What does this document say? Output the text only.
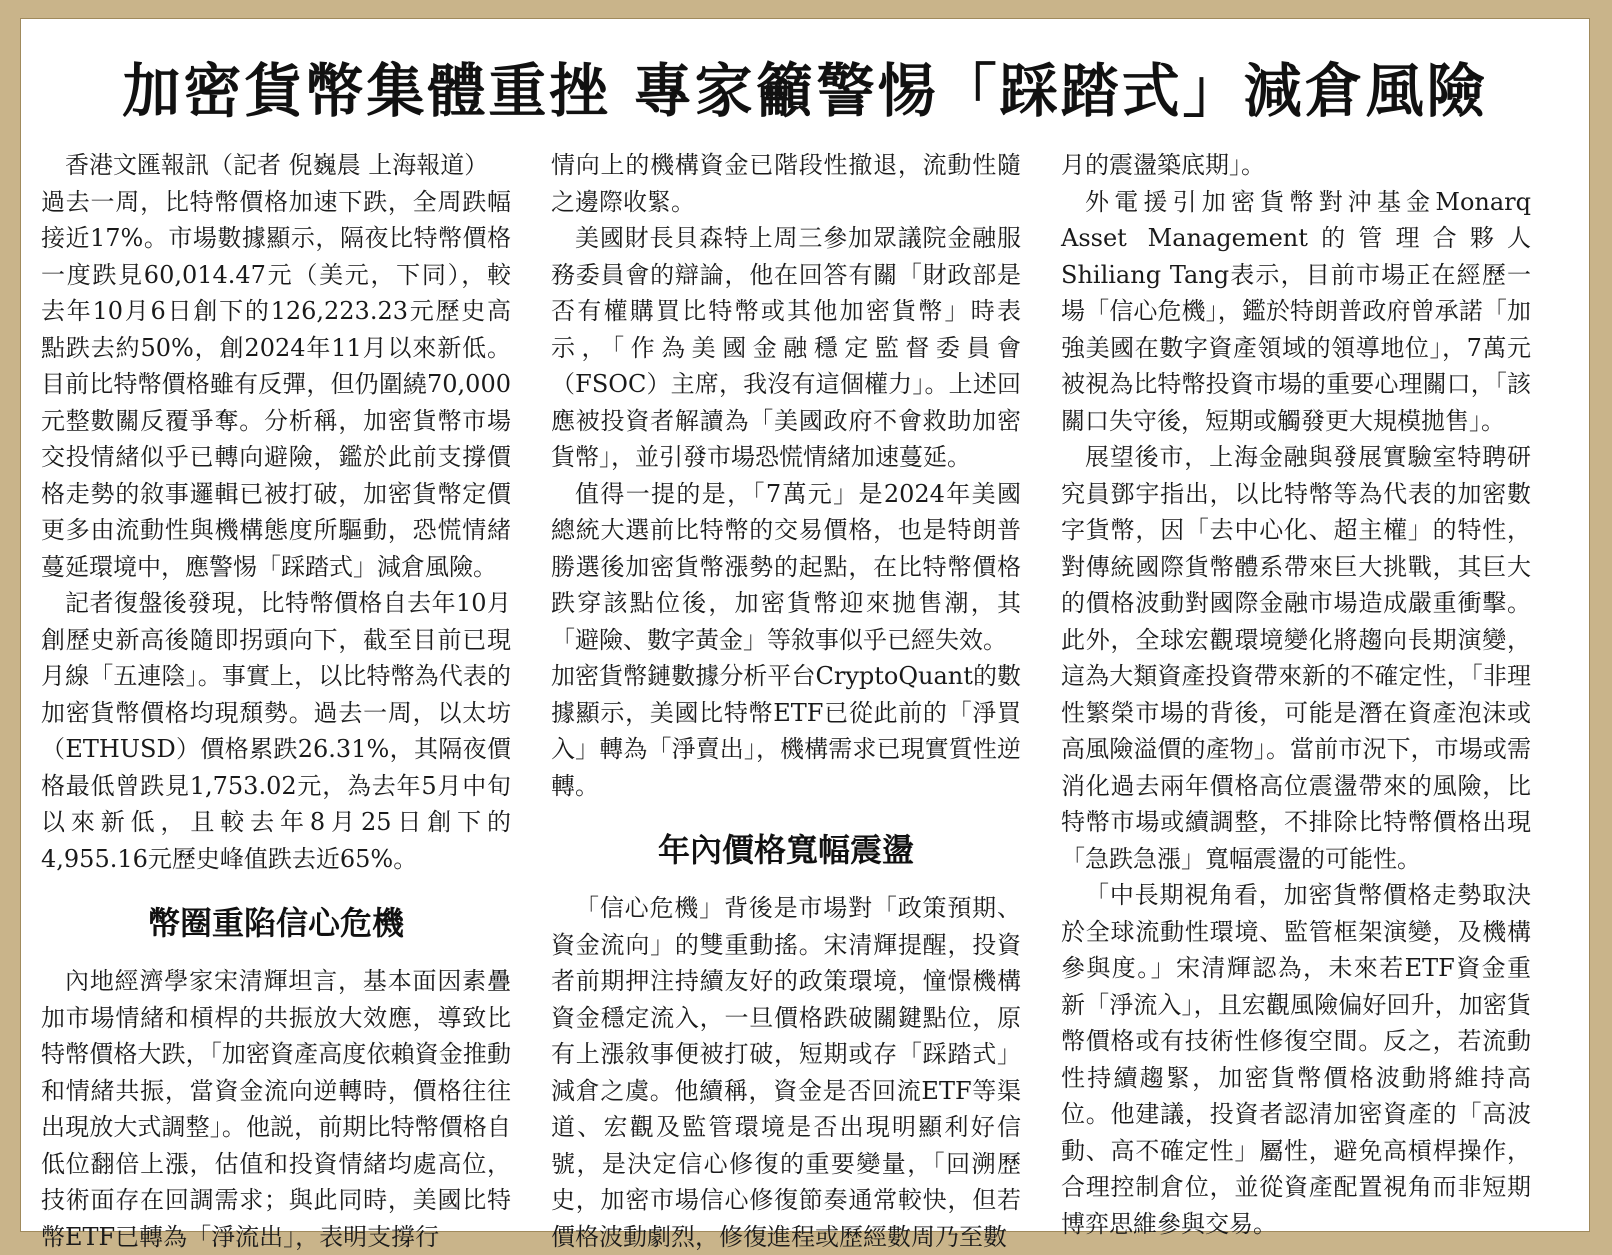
加密貨幣集體重挫 專家籲警惕「踩踏式」減倉風險

香港文匯報訊（記者 倪巍晨 上海報道）

過去一周，比特幣價格加速下跌，全周跌幅接近17%。市場數據顯示，隔夜比特幣價格一度跌見60,014.47元（美元，下同），較去年10月6日創下的126,223.23元歷史高點跌去約50%，創2024年11月以來新低。目前比特幣價格雖有反彈，但仍圍繞70,000元整數關反覆爭奪。分析稱，加密貨幣市場交投情緒似乎已轉向避險，鑑於此前支撐價格走勢的敘事邏輯已被打破，加密貨幣定價更多由流動性與機構態度所驅動，恐慌情緒蔓延環境中，應警惕「踩踏式」減倉風險。

記者復盤後發現，比特幣價格自去年10月創歷史新高後隨即拐頭向下，截至目前已現月線「五連陰」。事實上，以比特幣為代表的加密貨幣價格均現頹勢。過去一周，以太坊（ETHUSD）價格累跌26.31%，其隔夜價格最低曾跌見1,753.02元，為去年5月中旬以來新低，且較去年8月25日創下的4,955.16元歷史峰值跌去近65%。

幣圈重陷信心危機

內地經濟學家宋清輝坦言，基本面因素疊加市場情緒和槓桿的共振放大效應，導致比特幣價格大跌，「加密資產高度依賴資金推動和情緒共振，當資金流向逆轉時，價格往往出現放大式調整」。他説，前期比特幣價格自低位翻倍上漲，估值和投資情緒均處高位，技術面存在回調需求；與此同時，美國比特幣ETF已轉為「淨流出」，表明支撐行

情向上的機構資金已階段性撤退，流動性隨之邊際收緊。

美國財長貝森特上周三參加眾議院金融服務委員會的辯論，他在回答有關「財政部是否有權購買比特幣或其他加密貨幣」時表示，「作為美國金融穩定監督委員會（FSOC）主席，我沒有這個權力」。上述回應被投資者解讀為「美國政府不會救助加密貨幣」，並引發市場恐慌情緒加速蔓延。

值得一提的是，「7萬元」是2024年美國總統大選前比特幣的交易價格，也是特朗普勝選後加密貨幣漲勢的起點，在比特幣價格跌穿該點位後，加密貨幣迎來拋售潮，其「避險、數字黃金」等敘事似乎已經失效。

加密貨幣鏈數據分析平台CryptoQuant的數據顯示，美國比特幣ETF已從此前的「淨買入」轉為「淨賣出」，機構需求已現實質性逆轉。

年內價格寬幅震盪

「信心危機」背後是市場對「政策預期、資金流向」的雙重動搖。宋清輝提醒，投資者前期押注持續友好的政策環境，憧憬機構資金穩定流入，一旦價格跌破關鍵點位，原有上漲敘事便被打破，短期或存「踩踏式」減倉之虞。他續稱，資金是否回流ETF等渠道、宏觀及監管環境是否出現明顯利好信號，是決定信心修復的重要變量，「回溯歷史，加密市場信心修復節奏通常較快，但若價格波動劇烈，修復進程或歷經數周乃至數

月的震盪築底期」。

外電援引加密貨幣對沖基金Monarq Asset Management的管理合夥人Shiliang Tang表示，目前市場正在經歷一場「信心危機」，鑑於特朗普政府曾承諾「加強美國在數字資產領域的領導地位」，7萬元被視為比特幣投資市場的重要心理關口，「該關口失守後，短期或觸發更大規模拋售」。

展望後市，上海金融與發展實驗室特聘研究員鄧宇指出，以比特幣等為代表的加密數字貨幣，因「去中心化、超主權」的特性，對傳統國際貨幣體系帶來巨大挑戰，其巨大的價格波動對國際金融市場造成嚴重衝擊。此外，全球宏觀環境變化將趨向長期演變，這為大類資產投資帶來新的不確定性，「非理性繁榮市場的背後，可能是潛在資產泡沫或高風險溢價的產物」。當前市況下，市場或需消化過去兩年價格高位震盪帶來的風險，比特幣市場或續調整，不排除比特幣價格出現「急跌急漲」寬幅震盪的可能性。

「中長期視角看，加密貨幣價格走勢取決於全球流動性環境、監管框架演變，及機構參與度。」宋清輝認為，未來若ETF資金重新「淨流入」，且宏觀風險偏好回升，加密貨幣價格或有技術性修復空間。反之，若流動性持續趨緊，加密貨幣價格波動將維持高位。他建議，投資者認清加密資產的「高波動、高不確定性」屬性，避免高槓桿操作，合理控制倉位，並從資產配置視角而非短期博弈思維參與交易。
